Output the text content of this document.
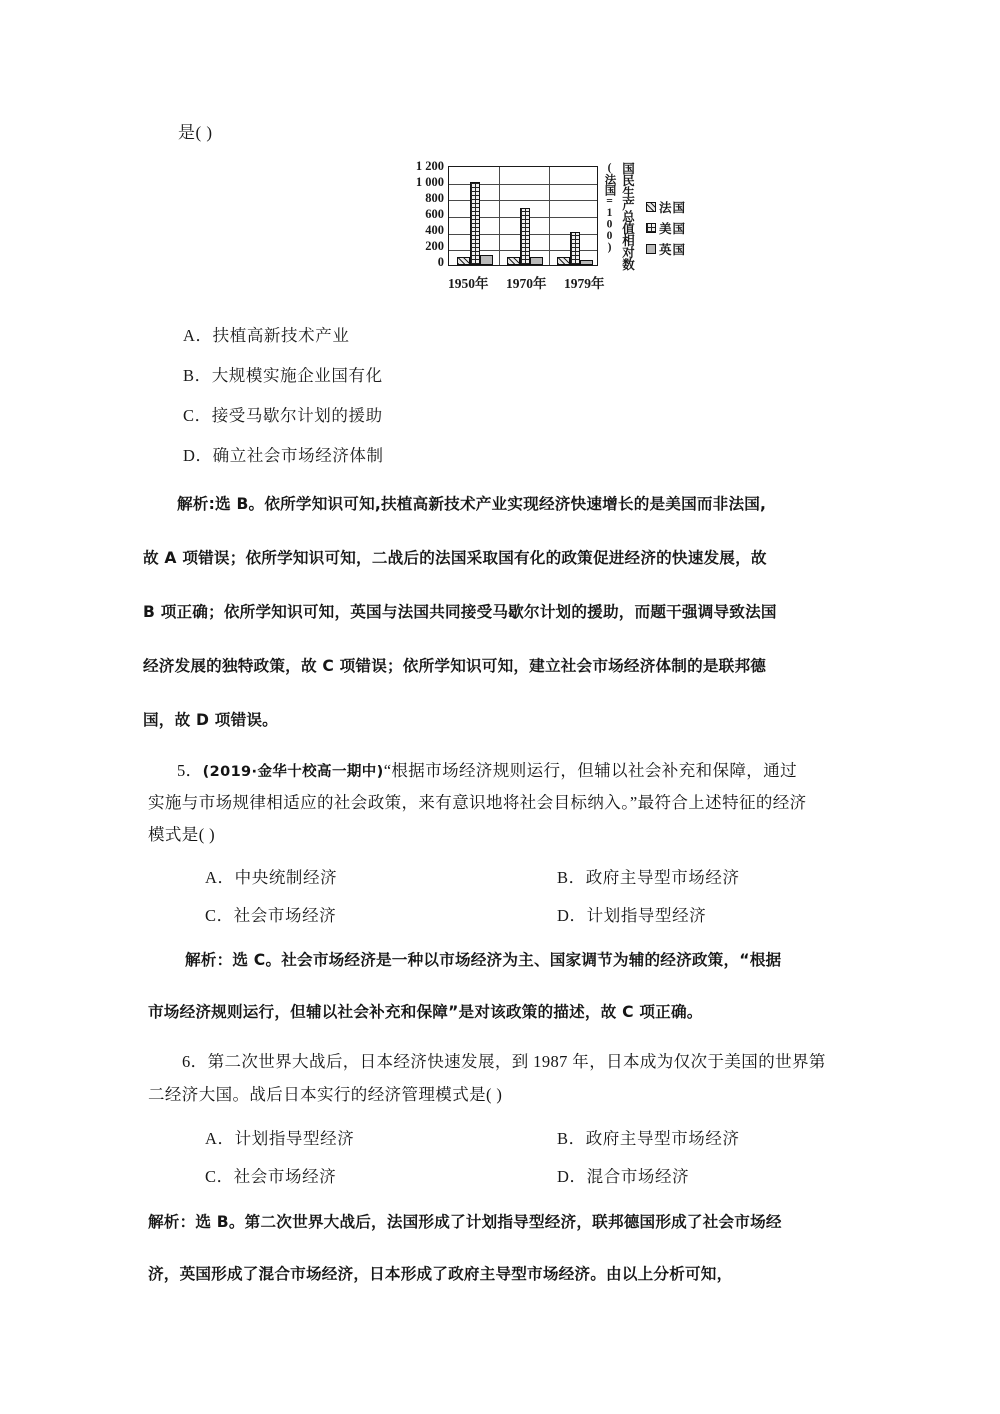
是( )
1 200
1 000
800
600
400
200
0
1950年 1970年 1979年
国民生产总值相对数
(法国=100)	法国
美国
英国
A．扶植高新技术产业
B．大规模实施企业国有化
C．接受马歇尔计划的援助
D．确立社会市场经济体制
解析:选 B。依所学知识可知,扶植高新技术产业实现经济快速增长的是美国而非法国,
故 A 项错误；依所学知识可知，二战后的法国采取国有化的政策促进经济的快速发展，故
B 项正确；依所学知识可知，英国与法国共同接受马歇尔计划的援助，而题干强调导致法国
经济发展的独特政策，故 C 项错误；依所学知识可知，建立社会市场经济体制的是联邦德
国，故 D 项错误。
5．(2019·金华十校高一期中)“根据市场经济规则运行，但辅以社会补充和保障，通过
实施与市场规律相适应的社会政策，来有意识地将社会目标纳入。”最符合上述特征的经济
模式是( )
A．中央统制经济	B．政府主导型市场经济
C．社会市场经济	D．计划指导型经济
解析：选 C。社会市场经济是一种以市场经济为主、国家调节为辅的经济政策，“根据
市场经济规则运行，但辅以社会补充和保障”是对该政策的描述，故 C 项正确。
6．第二次世界大战后，日本经济快速发展，到 1987 年，日本成为仅次于美国的世界第
二经济大国。战后日本实行的经济管理模式是( )
A．计划指导型经济	B．政府主导型市场经济
C．社会市场经济	D．混合市场经济
解析：选 B。第二次世界大战后，法国形成了计划指导型经济，联邦德国形成了社会市场经
济，英国形成了混合市场经济，日本形成了政府主导型市场经济。由以上分析可知，
